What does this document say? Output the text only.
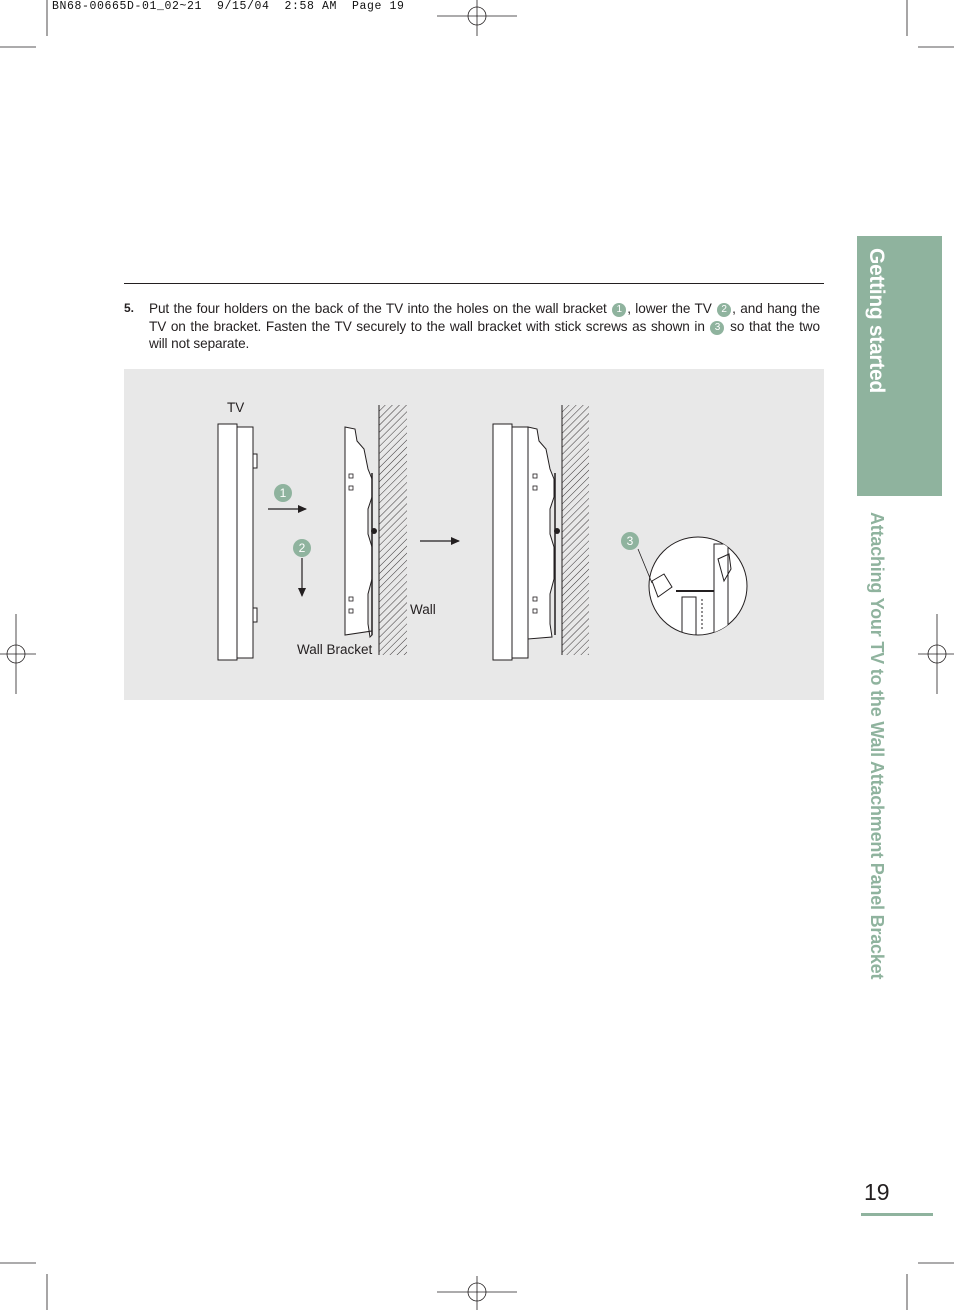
BN68-00665D-01_02~21  9/15/04  2:58 AM  Page 19
5. Put the four holders on the back of the TV into the holes on the wall bracket 1 , lower the TV 2 , and hang the TV on the bracket. Fasten the TV securely to the wall bracket with stick screws as shown in 3 so that the two will not separate.
TV
Wall
Wall Bracket
1
2	3
Getting started
Attaching Your TV to the Wall Attachment Panel Bracket
19
